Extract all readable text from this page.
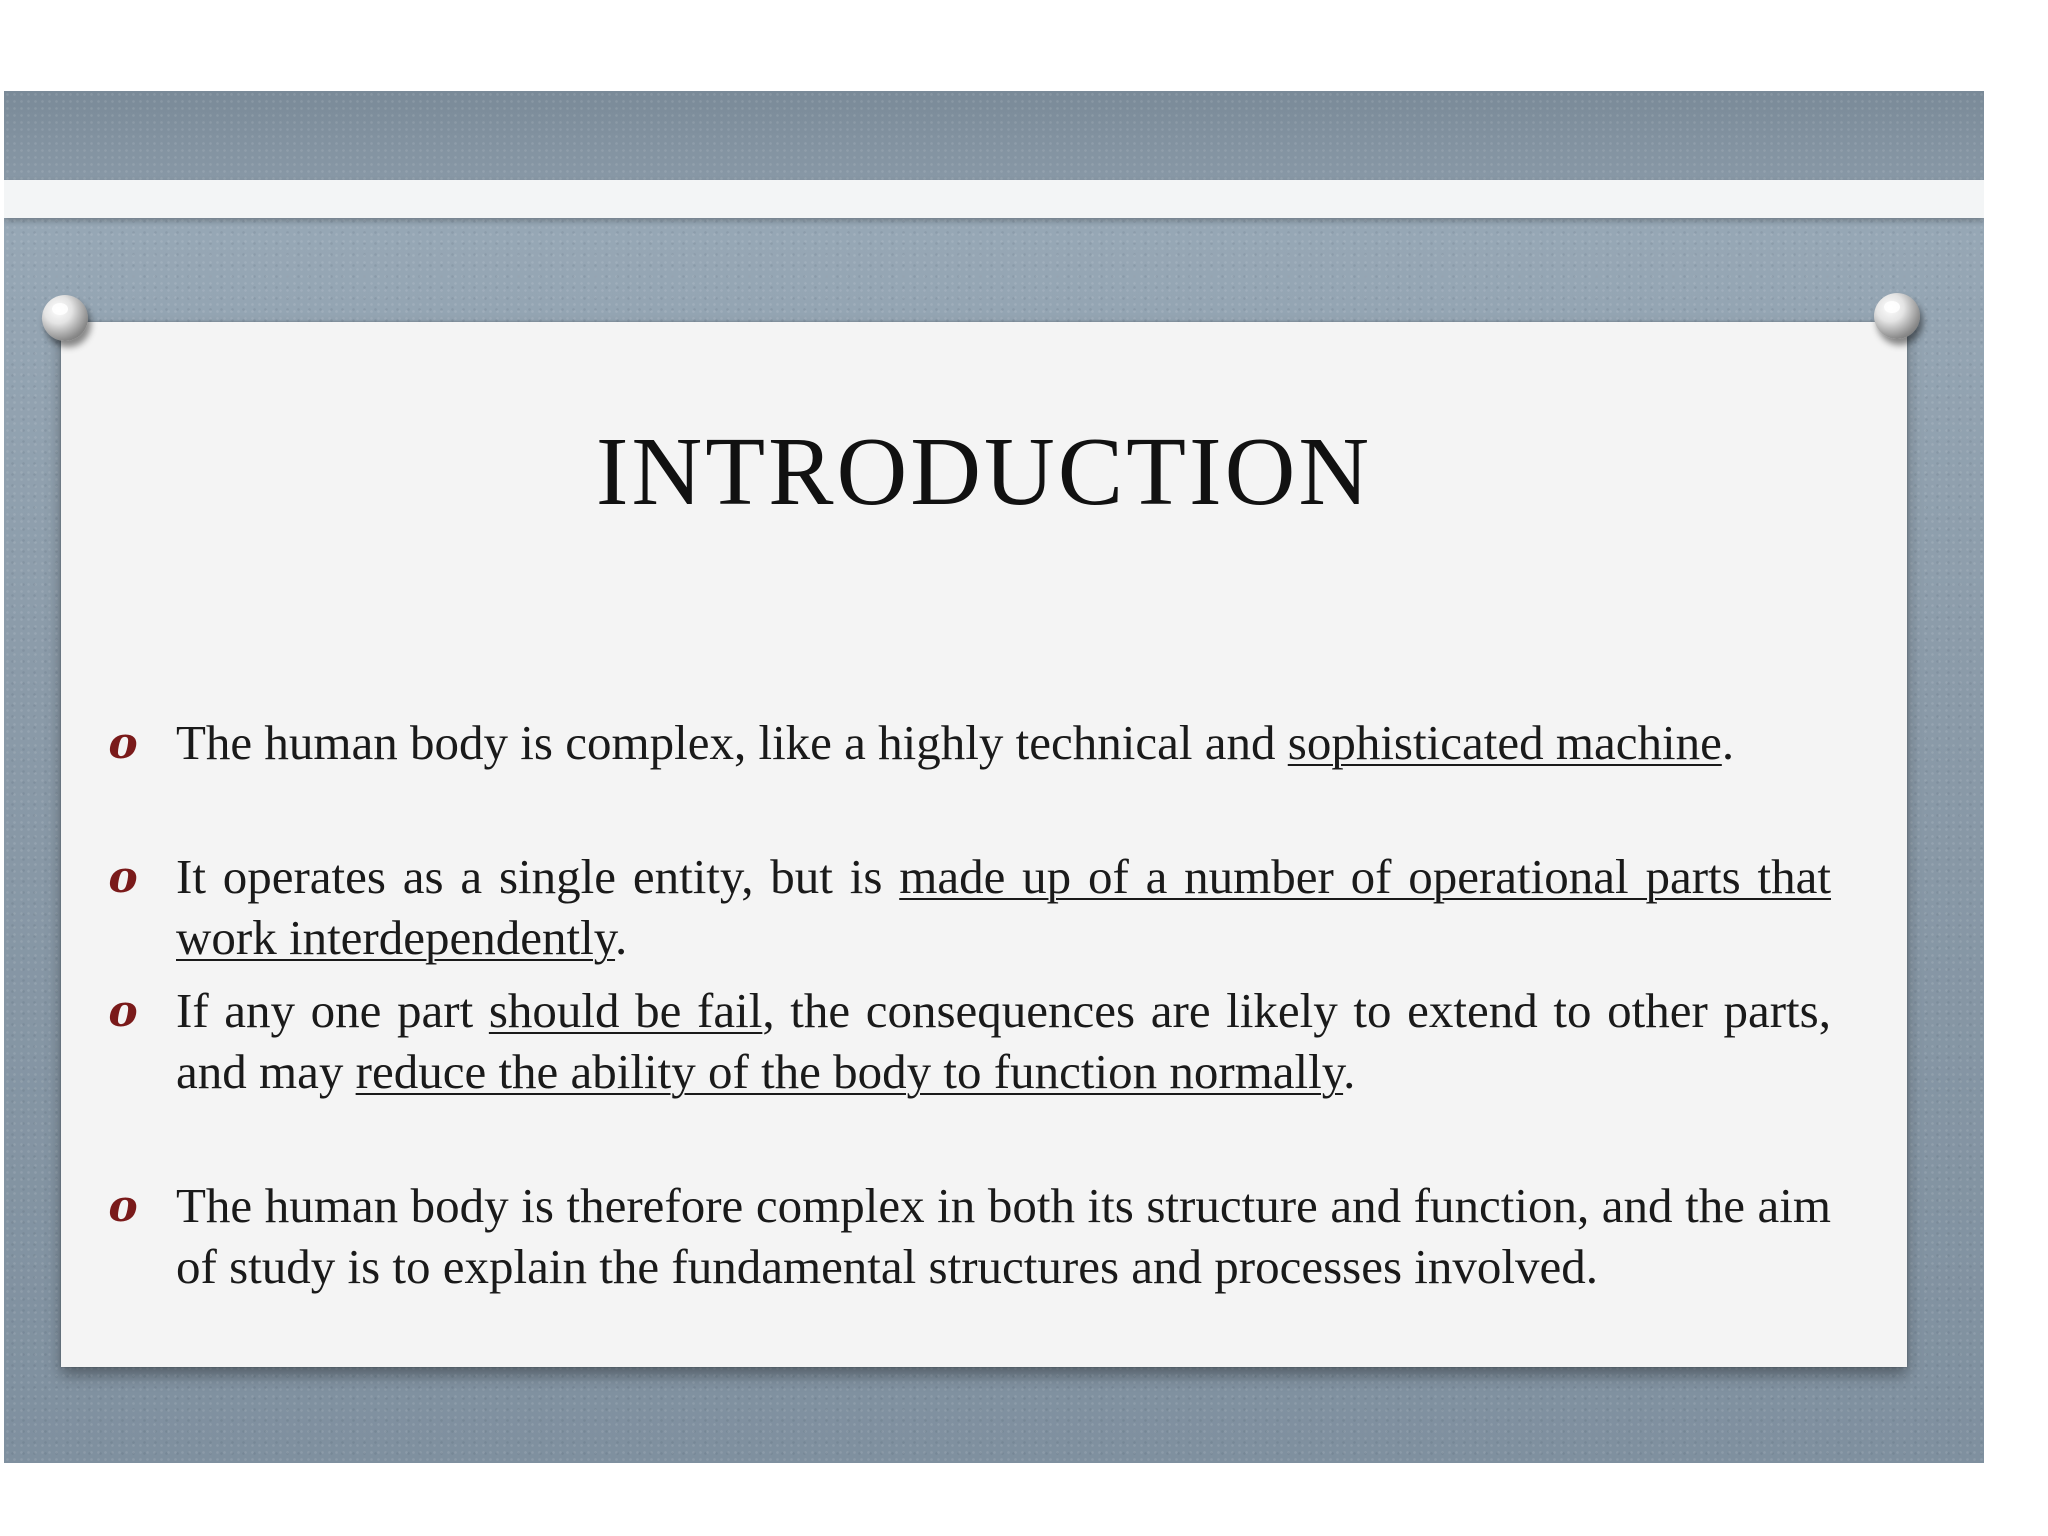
INTRODUCTION
o The human body is complex, like a highly technical and sophisticated machine.

o It operates as a single entity, but is made up of a number of operational parts that work interdependently.

o If any one part should be fail, the consequences are likely to extend to other parts, and may reduce the ability of the body to function normally.

o The human body is therefore complex in both its structure and function, and the aim of study is to explain the fundamental structures and processes involved.
